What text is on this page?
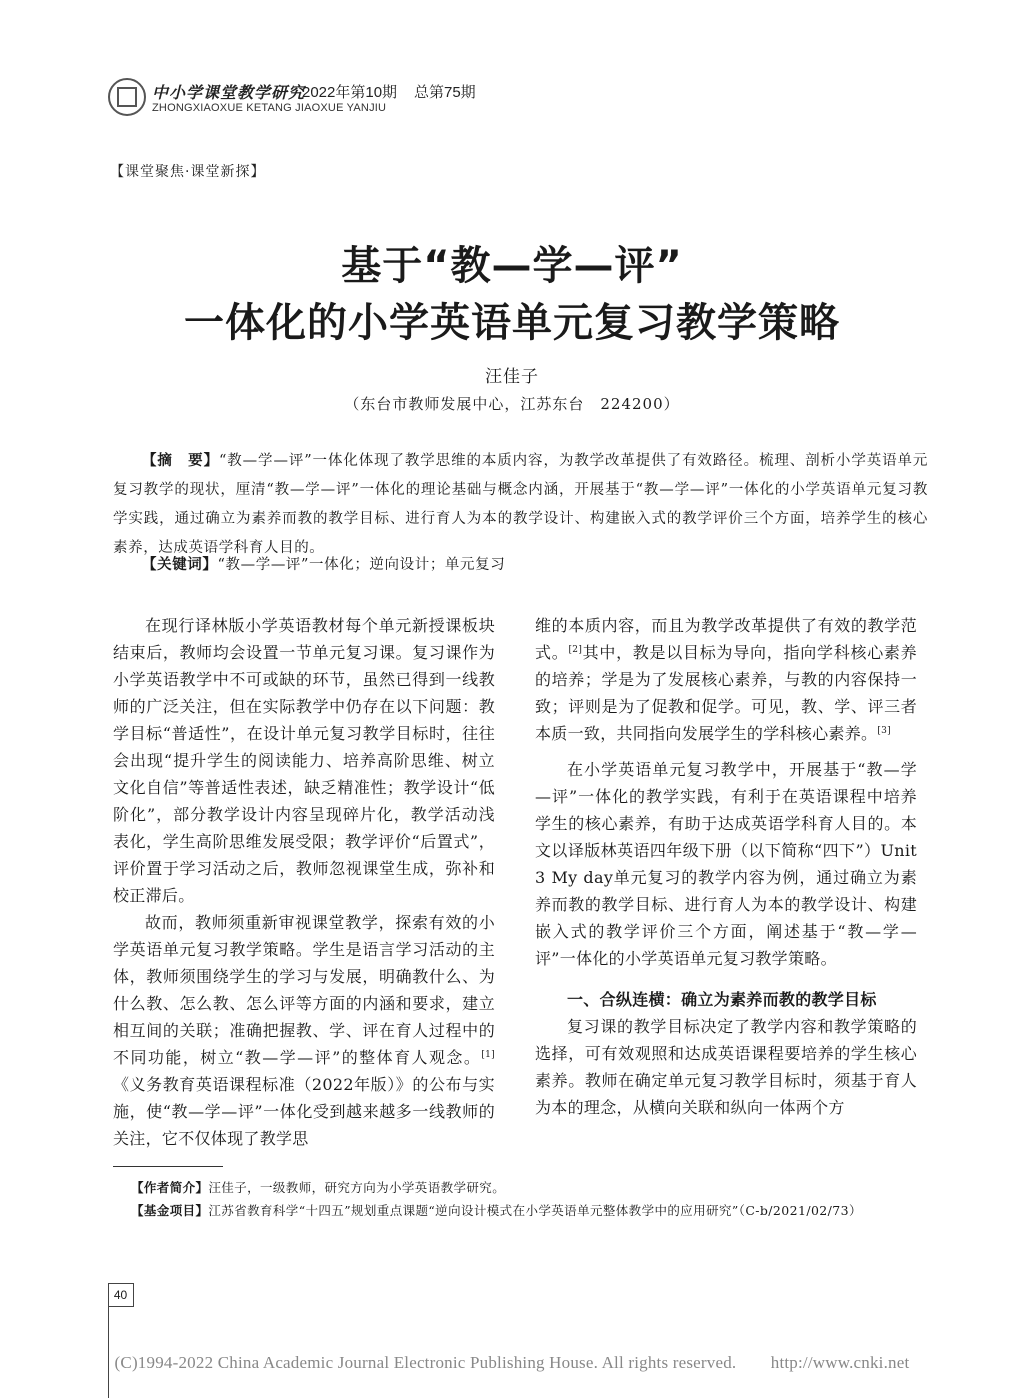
中小学课堂教学研究
2022年第10期 总第75期
ZHONGXIAOXUE KETANG JIAOXUE YANJIU
【课堂聚焦·课堂新探】
基于“教—学—评”
一体化的小学英语单元复习教学策略
汪佳子
（东台市教师发展中心，江苏东台　224200）
【摘　要】“教—学—评”一体化体现了教学思维的本质内容，为教学改革提供了有效路径。梳理、剖析小学英语单元复习教学的现状，厘清“教—学—评”一体化的理论基础与概念内涵，开展基于“教—学—评”一体化的小学英语单元复习教学实践，通过确立为素养而教的教学目标、进行育人为本的教学设计、构建嵌入式的教学评价三个方面，培养学生的核心素养，达成英语学科育人目的。
【关键词】“教—学—评”一体化；逆向设计；单元复习

在现行译林版小学英语教材每个单元新授课板块结束后，教师均会设置一节单元复习课。复习课作为小学英语教学中不可或缺的环节，虽然已得到一线教师的广泛关注，但在实际教学中仍存在以下问题：教学目标“普适性”，在设计单元复习教学目标时，往往会出现“提升学生的阅读能力、培养高阶思维、树立文化自信”等普适性表述，缺乏精准性；教学设计“低阶化”，部分教学设计内容呈现碎片化，教学活动浅表化，学生高阶思维发展受限；教学评价“后置式”，评价置于学习活动之后，教师忽视课堂生成，弥补和校正滞后。

故而，教师须重新审视课堂教学，探索有效的小学英语单元复习教学策略。学生是语言学习活动的主体，教师须围绕学生的学习与发展，明确教什么、为什么教、怎么教、怎么评等方面的内涵和要求，建立相互间的关联；准确把握教、学、评在育人过程中的不同功能，树立“教—学—评”的整体育人观念。[1]《义务教育英语课程标准（2022年版）》的公布与实施，使“教—学—评”一体化受到越来越多一线教师的关注，它不仅体现了教学思

维的本质内容，而且为教学改革提供了有效的教学范式。[2]其中，教是以目标为导向，指向学科核心素养的培养；学是为了发展核心素养，与教的内容保持一致；评则是为了促教和促学。可见，教、学、评三者本质一致，共同指向发展学生的学科核心素养。[3]

在小学英语单元复习教学中，开展基于“教—学—评”一体化的教学实践，有利于在英语课程中培养学生的核心素养，有助于达成英语学科育人目的。本文以译版林英语四年级下册（以下简称“四下”）Unit 3 My day单元复习的教学内容为例，通过确立为素养而教的教学目标、进行育人为本的教学设计、构建嵌入式的教学评价三个方面，阐述基于“教—学—评”一体化的小学英语单元复习教学策略。

一、合纵连横：确立为素养而教的教学目标

复习课的教学目标决定了教学内容和教学策略的选择，可有效观照和达成英语课程要培养的学生核心素养。教师在确定单元复习教学目标时，须基于育人为本的理念，从横向关联和纵向一体两个方

【作者简介】汪佳子，一级教师，研究方向为小学英语教学研究。
【基金项目】江苏省教育科学“十四五”规划重点课题“逆向设计模式在小学英语单元整体教学中的应用研究”（C-b/2021/02/73）
40
(C)1994-2022 China Academic Journal Electronic Publishing House. All rights reserved.　　http://www.cnki.net
